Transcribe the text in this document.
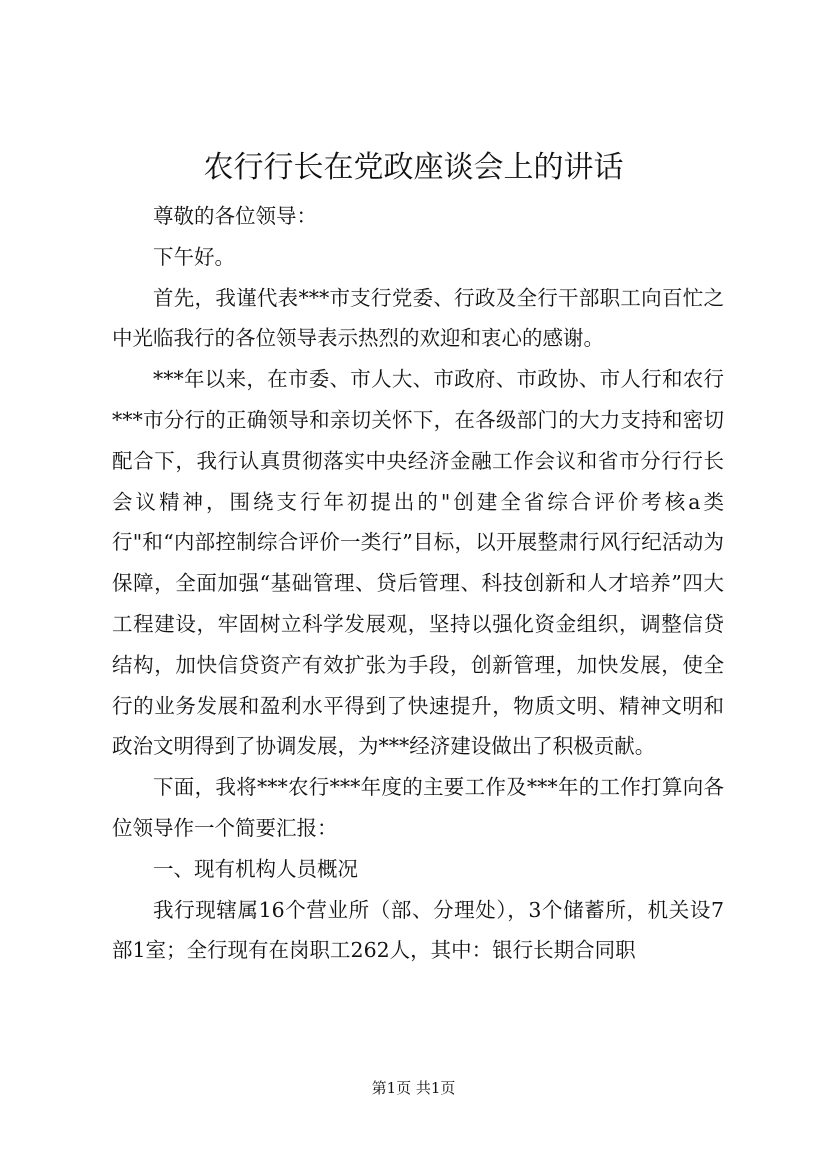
农行行长在党政座谈会上的讲话

尊敬的各位领导：

下午好。

首先，我谨代表***市支行党委、行政及全行干部职工向百忙之中光临我行的各位领导表示热烈的欢迎和衷心的感谢。

***年以来，在市委、市人大、市政府、市政协、市人行和农行***市分行的正确领导和亲切关怀下，在各级部门的大力支持和密切配合下，我行认真贯彻落实中央经济金融工作会议和省市分行行长会议精神，围绕支行年初提出的"创建全省综合评价考核a类行"和“内部控制综合评价一类行”目标，以开展整肃行风行纪活动为保障，全面加强“基础管理、贷后管理、科技创新和人才培养”四大工程建设，牢固树立科学发展观，坚持以强化资金组织，调整信贷结构，加快信贷资产有效扩张为手段，创新管理，加快发展，使全行的业务发展和盈利水平得到了快速提升，物质文明、精神文明和政治文明得到了协调发展，为***经济建设做出了积极贡献。

下面，我将***农行***年度的主要工作及***年的工作打算向各位领导作一个简要汇报：

一、现有机构人员概况

我行现辖属16个营业所（部、分理处），3个储蓄所，机关设7部1室；全行现有在岗职工262人，其中：银行长期合同职

第1页 共1页
